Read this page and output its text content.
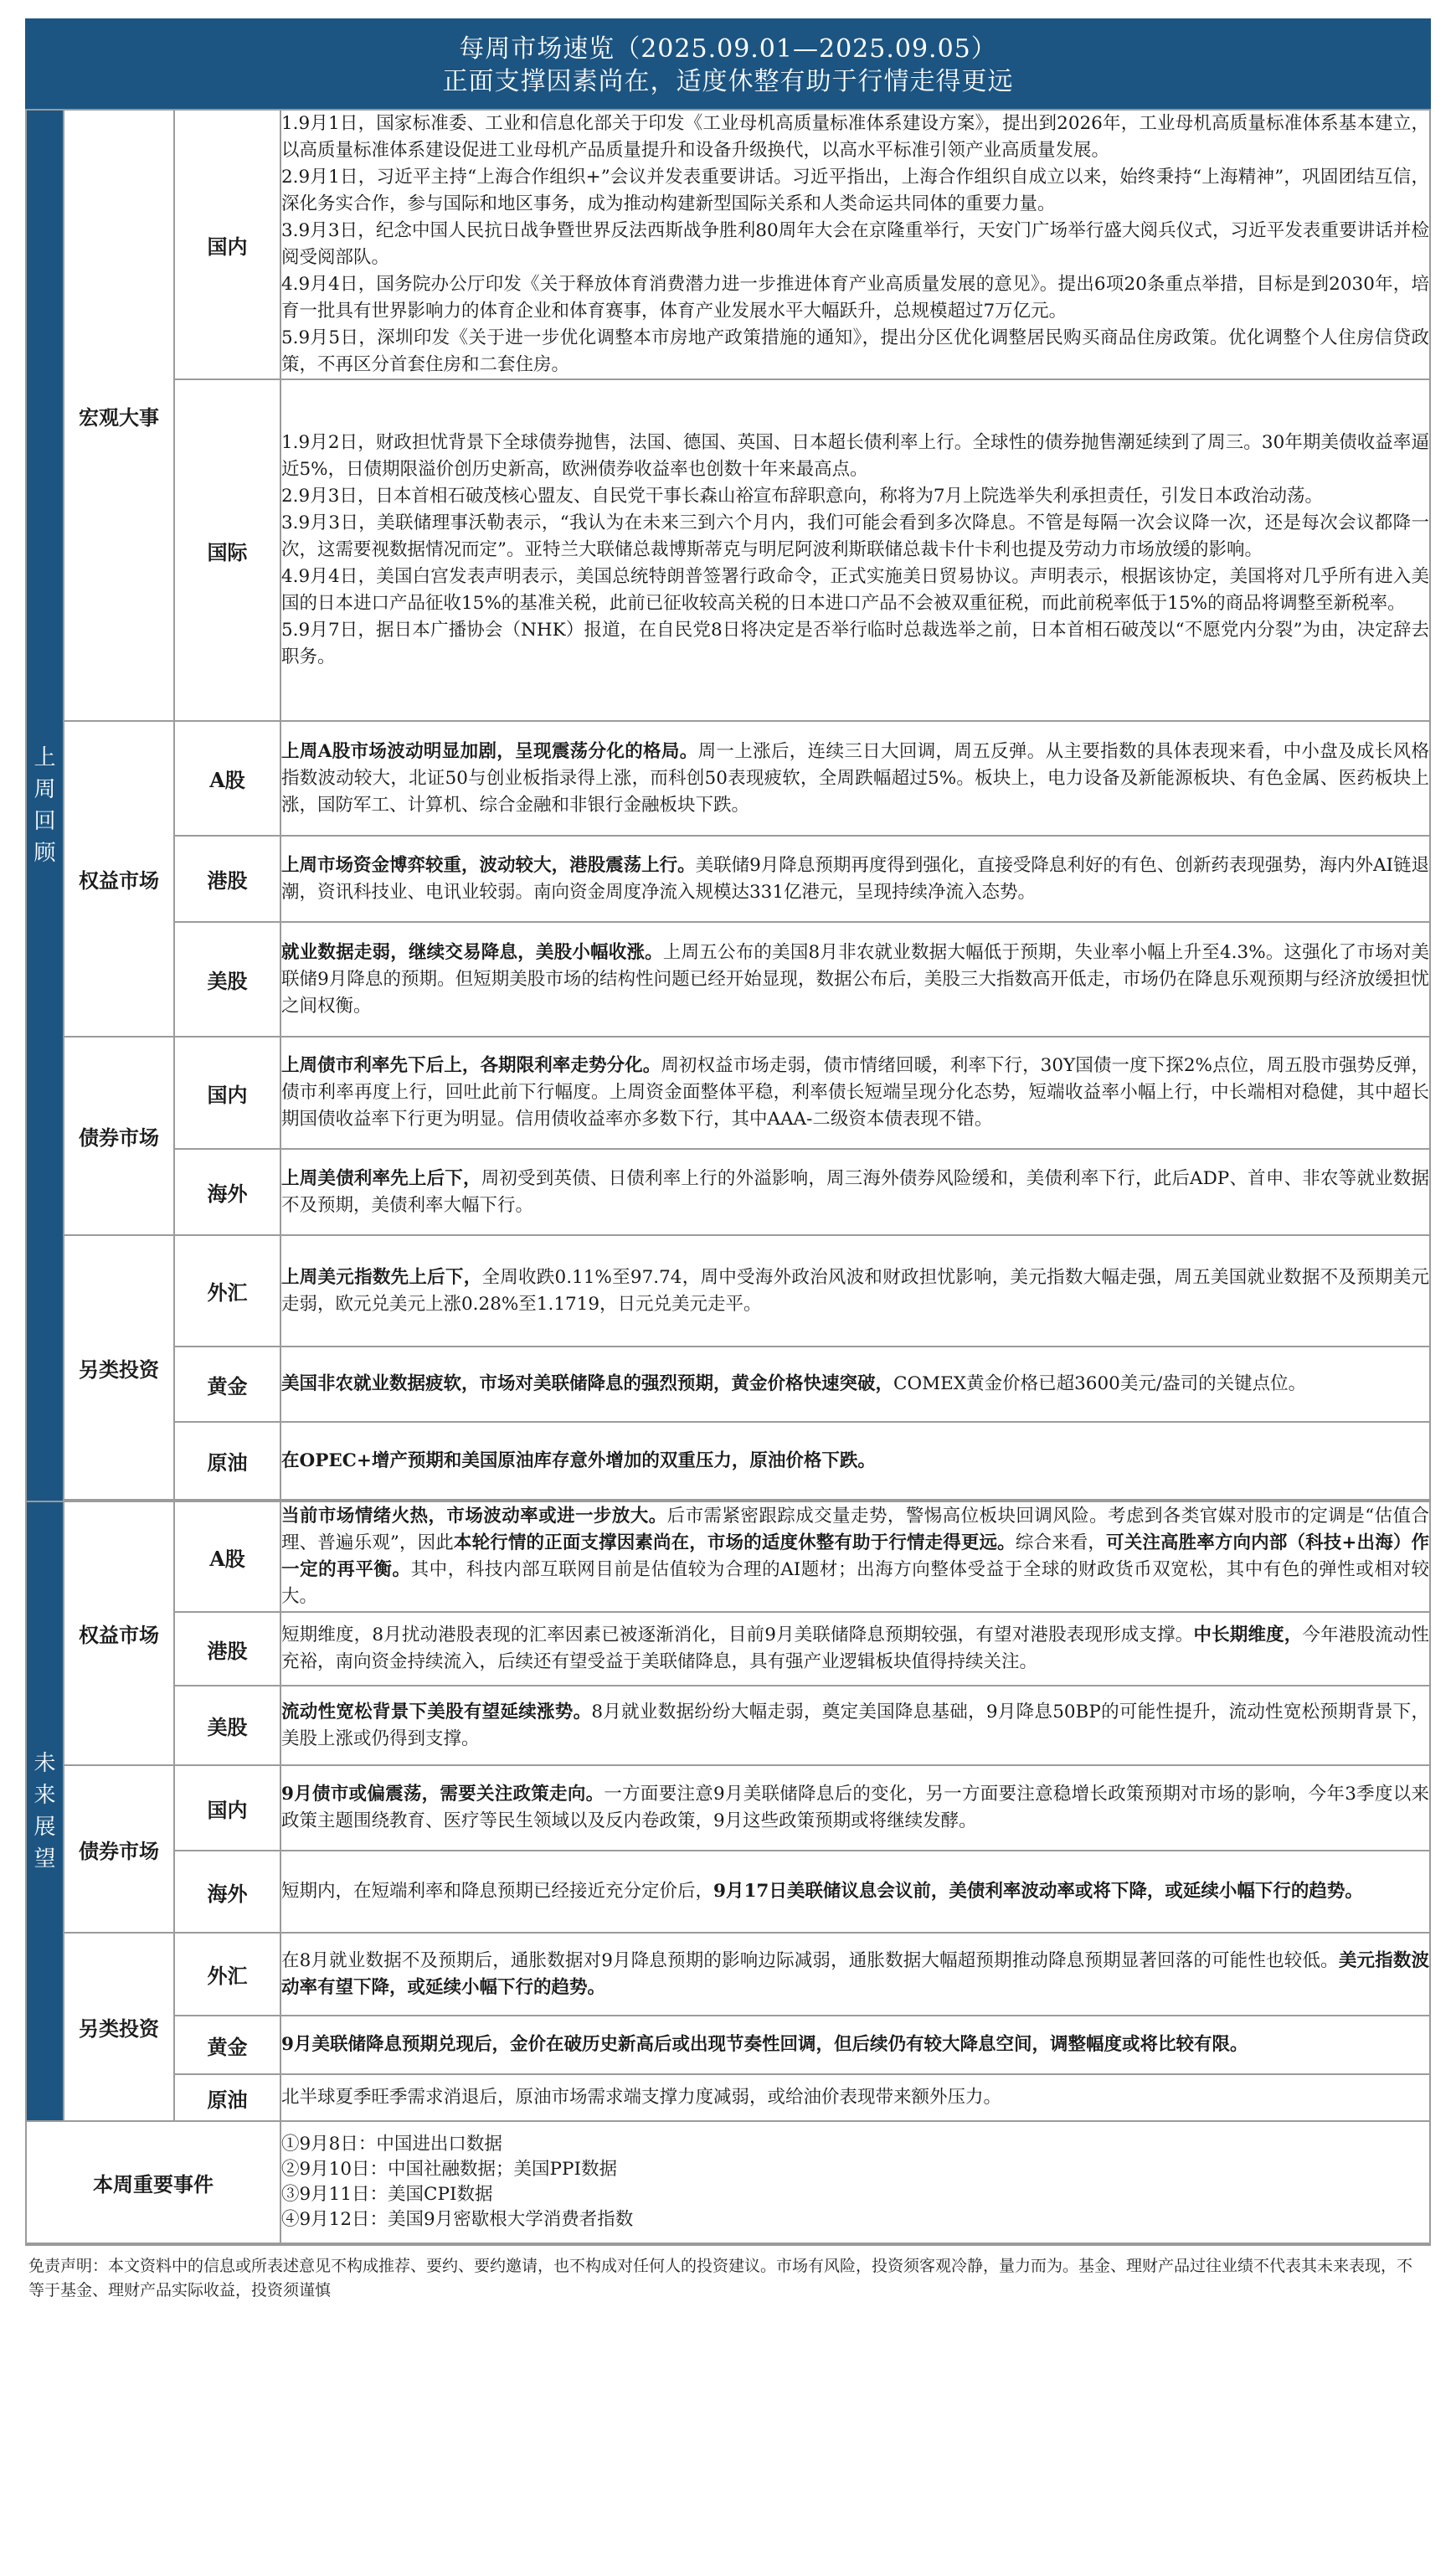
每周市场速览（2025.09.01—2025.09.05）
正面支撑因素尚在，适度休整有助于行情走得更远
上周回顾	宏观大事	国内	1.9月1日，国家标准委、工业和信息化部关于印发《工业母机高质量标准体系建设方案》，提出到2026年，工业母机高质量标准体系基本建立，以高质量标准体系建设促进工业母机产品质量提升和设备升级换代，以高水平标准引领产业高质量发展。

2.9月1日，习近平主持“上海合作组织+”会议并发表重要讲话。习近平指出，上海合作组织自成立以来，始终秉持“上海精神”，巩固团结互信，深化务实合作，参与国际和地区事务，成为推动构建新型国际关系和人类命运共同体的重要力量。

3.9月3日，纪念中国人民抗日战争暨世界反法西斯战争胜利80周年大会在京隆重举行，天安门广场举行盛大阅兵仪式，习近平发表重要讲话并检阅受阅部队。

4.9月4日，国务院办公厅印发《关于释放体育消费潜力进一步推进体育产业高质量发展的意见》。提出6项20条重点举措，目标是到2030年，培育一批具有世界影响力的体育企业和体育赛事，体育产业发展水平大幅跃升，总规模超过7万亿元。

5.9月5日，深圳印发《关于进一步优化调整本市房地产政策措施的通知》，提出分区优化调整居民购买商品住房政策。优化调整个人住房信贷政策，不再区分首套住房和二套住房。

		国际	1.9月2日，财政担忧背景下全球债券抛售，法国、德国、英国、日本超长债利率上行。全球性的债券抛售潮延续到了周三。30年期美债收益率逼近5%，日债期限溢价创历史新高，欧洲债券收益率也创数十年来最高点。

2.9月3日，日本首相石破茂核心盟友、自民党干事长森山裕宣布辞职意向，称将为7月上院选举失利承担责任，引发日本政治动荡。

3.9月3日，美联储理事沃勒表示，“我认为在未来三到六个月内，我们可能会看到多次降息。不管是每隔一次会议降一次，还是每次会议都降一次，这需要视数据情况而定”。亚特兰大联储总裁博斯蒂克与明尼阿波利斯联储总裁卡什卡利也提及劳动力市场放缓的影响。

4.9月4日，美国白宫发表声明表示，美国总统特朗普签署行政命令，正式实施美日贸易协议。声明表示，根据该协定，美国将对几乎所有进入美国的日本进口产品征收15%的基准关税，此前已征收较高关税的日本进口产品不会被双重征税，而此前税率低于15%的商品将调整至新税率。

5.9月7日，据日本广播协会（NHK）报道，在自民党8日将决定是否举行临时总裁选举之前，日本首相石破茂以“不愿党内分裂”为由，决定辞去职务。

	权益市场	A股	上周A股市场波动明显加剧，呈现震荡分化的格局。周一上涨后，连续三日大回调，周五反弹。从主要指数的具体表现来看，中小盘及成长风格指数波动较大，北证50与创业板指录得上涨，而科创50表现疲软，全周跌幅超过5%。板块上，电力设备及新能源板块、有色金属、医药板块上涨，国防军工、计算机、综合金融和非银行金融板块下跌。
		港股	上周市场资金博弈较重，波动较大，港股震荡上行。美联储9月降息预期再度得到强化，直接受降息利好的有色、创新药表现强势，海内外AI链退潮，资讯科技业、电讯业较弱。南向资金周度净流入规模达331亿港元，呈现持续净流入态势。
		美股	就业数据走弱，继续交易降息，美股小幅收涨。上周五公布的美国8月非农就业数据大幅低于预期，失业率小幅上升至4.3%。这强化了市场对美联储9月降息的预期。但短期美股市场的结构性问题已经开始显现，数据公布后，美股三大指数高开低走，市场仍在降息乐观预期与经济放缓担忧之间权衡。
	债券市场	国内	上周债市利率先下后上，各期限利率走势分化。周初权益市场走弱，债市情绪回暖，利率下行，30Y国债一度下探2%点位，周五股市强势反弹，债市利率再度上行，回吐此前下行幅度。上周资金面整体平稳，利率债长短端呈现分化态势，短端收益率小幅上行，中长端相对稳健，其中超长期国债收益率下行更为明显。信用债收益率亦多数下行，其中AAA-二级资本债表现不错。
		海外	上周美债利率先上后下，周初受到英债、日债利率上行的外溢影响，周三海外债券风险缓和，美债利率下行，此后ADP、首申、非农等就业数据不及预期，美债利率大幅下行。
	另类投资	外汇	上周美元指数先上后下，全周收跌0.11%至97.74，周中受海外政治风波和财政担忧影响，美元指数大幅走强，周五美国就业数据不及预期美元走弱，欧元兑美元上涨0.28%至1.1719，日元兑美元走平。
		黄金	美国非农就业数据疲软，市场对美联储降息的强烈预期，黄金价格快速突破，COMEX黄金价格已超3600美元/盎司的关键点位。
		原油	在OPEC+增产预期和美国原油库存意外增加的双重压力，原油价格下跌。

未来展望	权益市场	A股	当前市场情绪火热，市场波动率或进一步放大。后市需紧密跟踪成交量走势，警惕高位板块回调风险。考虑到各类官媒对股市的定调是“估值合理、普遍乐观”，因此本轮行情的正面支撑因素尚在，市场的适度休整有助于行情走得更远。综合来看，可关注高胜率方向内部（科技+出海）作一定的再平衡。其中，科技内部互联网目前是估值较为合理的AI题材；出海方向整体受益于全球的财政货币双宽松，其中有色的弹性或相对较大。
		港股	短期维度，8月扰动港股表现的汇率因素已被逐渐消化，目前9月美联储降息预期较强，有望对港股表现形成支撑。中长期维度，今年港股流动性充裕，南向资金持续流入，后续还有望受益于美联储降息，具有强产业逻辑板块值得持续关注。
		美股	流动性宽松背景下美股有望延续涨势。8月就业数据纷纷大幅走弱，奠定美国降息基础，9月降息50BP的可能性提升，流动性宽松预期背景下，美股上涨或仍得到支撑。
	债券市场	国内	9月债市或偏震荡，需要关注政策走向。一方面要注意9月美联储降息后的变化，另一方面要注意稳增长政策预期对市场的影响，今年3季度以来政策主题围绕教育、医疗等民生领域以及反内卷政策，9月这些政策预期或将继续发酵。
		海外	短期内，在短端利率和降息预期已经接近充分定价后，9月17日美联储议息会议前，美债利率波动率或将下降，或延续小幅下行的趋势。
	另类投资	外汇	在8月就业数据不及预期后，通胀数据对9月降息预期的影响边际减弱，通胀数据大幅超预期推动降息预期显著回落的可能性也较低。美元指数波动率有望下降，或延续小幅下行的趋势。
		黄金	9月美联储降息预期兑现后，金价在破历史新高后或出现节奏性回调，但后续仍有较大降息空间，调整幅度或将比较有限。
		原油	北半球夏季旺季需求消退后，原油市场需求端支撑力度减弱，或给油价表现带来额外压力。
本周重要事件			①9月8日：中国进出口数据

②9月10日：中国社融数据；美国PPI数据

③9月11日：美国CPI数据

④9月12日：美国9月密歇根大学消费者指数

免责声明：本文资料中的信息或所表述意见不构成推荐、要约、要约邀请，也不构成对任何人的投资建议。市场有风险，投资须客观冷静，量力而为。基金、理财产品过往业绩不代表其未来表现，不等于基金、理财产品实际收益，投资须谨慎
